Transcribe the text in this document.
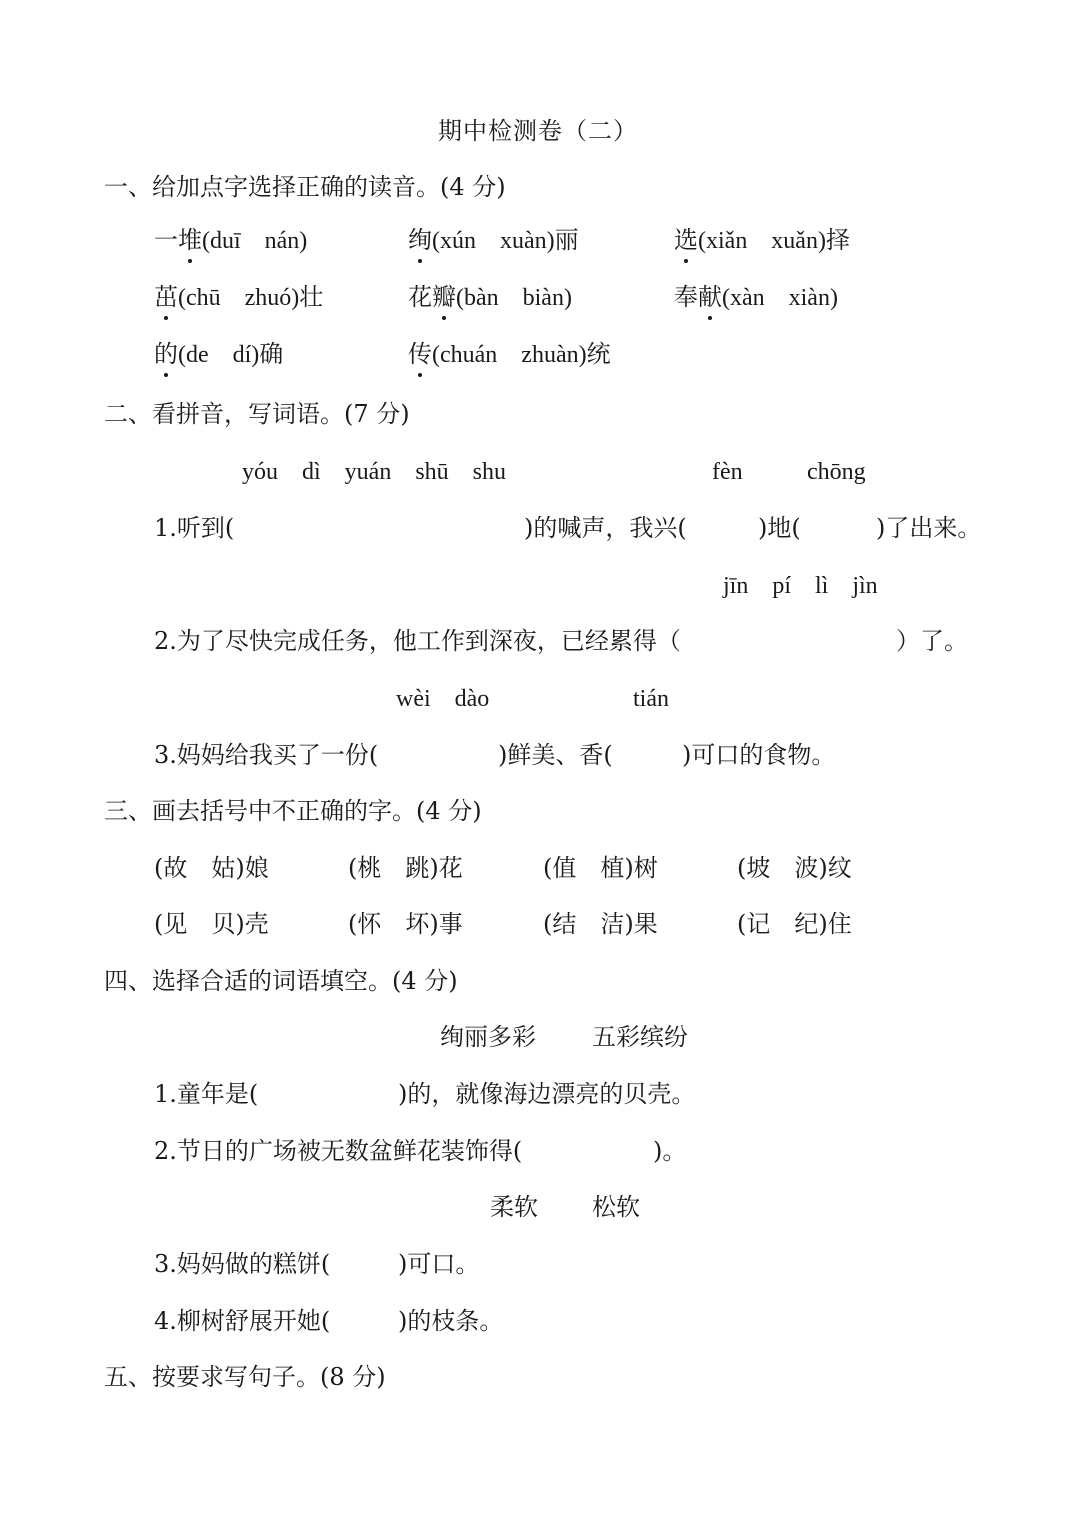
期中检测卷（二）
一、给加点字选择正确的读音。(4 分)
一堆(duī　nán)	绚(xún　xuàn)丽	选(xiǎn　xuǎn)择
茁(chū　zhuó)壮	花瓣(bàn　biàn)	奉献(xàn　xiàn)
的(de　dí)确	传(chuán　zhuàn)统
二、看拼音，写词语。(7 分)
yóu　dì　yuán　shū　shu	fèn	chōng
1.听到(	)的喊声，我兴(	)地(	)了出来。
jīn　pí　lì　jìn
2.为了尽快完成任务，他工作到深夜，已经累得（	）了。
wèi　dào	tián
3.妈妈给我买了一份(	)鲜美、香(	)可口的食物。
三、画去括号中不正确的字。(4 分)
(故　姑)娘	(桃　跳)花	(值　植)树	(坡　波)纹
(见　贝)壳	(怀　坏)事	(结　洁)果	(记　纪)住
四、选择合适的词语填空。(4 分)
绚丽多彩 五彩缤纷
1.童年是(	)的，就像海边漂亮的贝壳。
2.节日的广场被无数盆鲜花装饰得(	)。
柔软 松软
3.妈妈做的糕饼(	)可口。
4.柳树舒展开她(	)的枝条。
五、按要求写句子。(8 分)
